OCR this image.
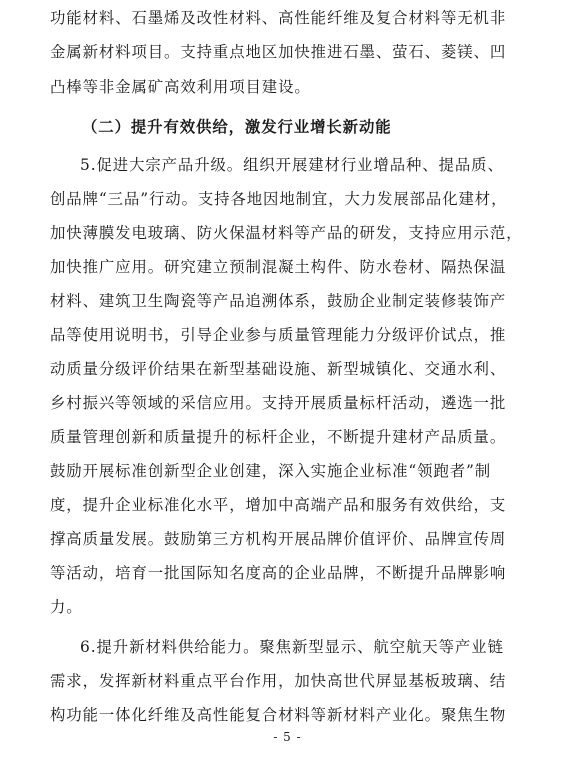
功能材料、石墨烯及改性材料、高性能纤维及复合材料等无机非
金属新材料项目。支持重点地区加快推进石墨、萤石、菱镁、凹
凸棒等非金属矿高效利用项目建设。
（二）提升有效供给，激发行业增长新动能
5.促进大宗产品升级。组织开展建材行业增品种、提品质、
创品牌“三品”行动。支持各地因地制宜，大力发展部品化建材，
加快薄膜发电玻璃、防火保温材料等产品的研发，支持应用示范，
加快推广应用。研究建立预制混凝土构件、防水卷材、隔热保温
材料、建筑卫生陶瓷等产品追溯体系，鼓励企业制定装修装饰产
品等使用说明书，引导企业参与质量管理能力分级评价试点，推
动质量分级评价结果在新型基础设施、新型城镇化、交通水利、
乡村振兴等领域的采信应用。支持开展质量标杆活动，遴选一批
质量管理创新和质量提升的标杆企业，不断提升建材产品质量。
鼓励开展标准创新型企业创建，深入实施企业标准“领跑者”制
度，提升企业标准化水平，增加中高端产品和服务有效供给，支
撑高质量发展。鼓励第三方机构开展品牌价值评价、品牌宣传周
等活动，培育一批国际知名度高的企业品牌，不断提升品牌影响
力。
6.提升新材料供给能力。聚焦新型显示、航空航天等产业链
需求，发挥新材料重点平台作用，加快高世代屏显基板玻璃、结
构功能一体化纤维及高性能复合材料等新材料产业化。聚焦生物
- 5 -
